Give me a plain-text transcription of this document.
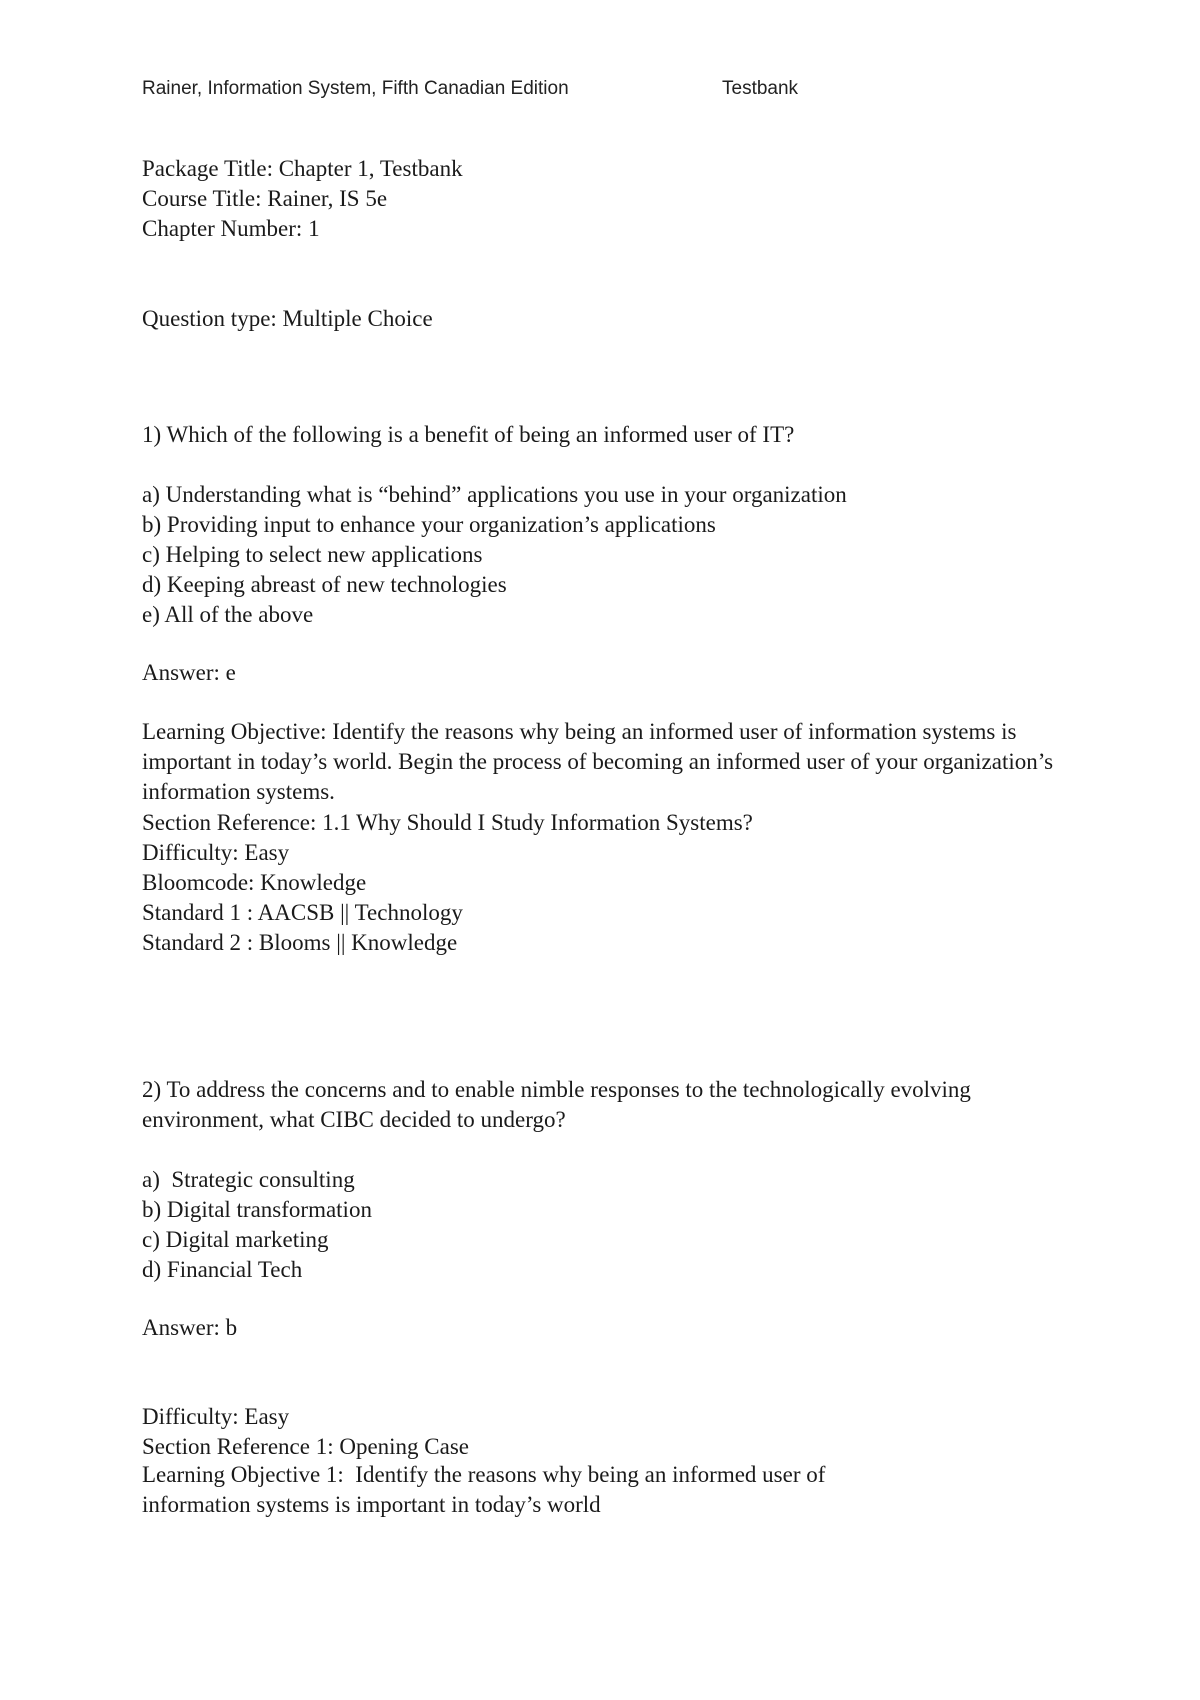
Rainer, Information System, Fifth Canadian Edition	Testbank
Package Title: Chapter 1, Testbank
Course Title: Rainer, IS 5e
Chapter Number: 1
Question type: Multiple Choice
1) Which of the following is a benefit of being an informed user of IT?
a) Understanding what is “behind” applications you use in your organization
b) Providing input to enhance your organization’s applications
c) Helping to select new applications
d) Keeping abreast of new technologies
e) All of the above
Answer: e
Learning Objective: Identify the reasons why being an informed user of information systems is important in today’s world. Begin the process of becoming an informed user of your organization’s information systems.
Section Reference: 1.1 Why Should I Study Information Systems?
Difficulty: Easy
Bloomcode: Knowledge
Standard 1 : AACSB || Technology
Standard 2 : Blooms || Knowledge
2) To address the concerns and to enable nimble responses to the technologically evolving environment, what CIBC decided to undergo?
a)  Strategic consulting
b) Digital transformation
c) Digital marketing
d) Financial Tech
Answer: b
Difficulty: Easy
Section Reference 1: Opening Case
Learning Objective 1:  Identify the reasons why being an informed user of information systems is important in today’s world
